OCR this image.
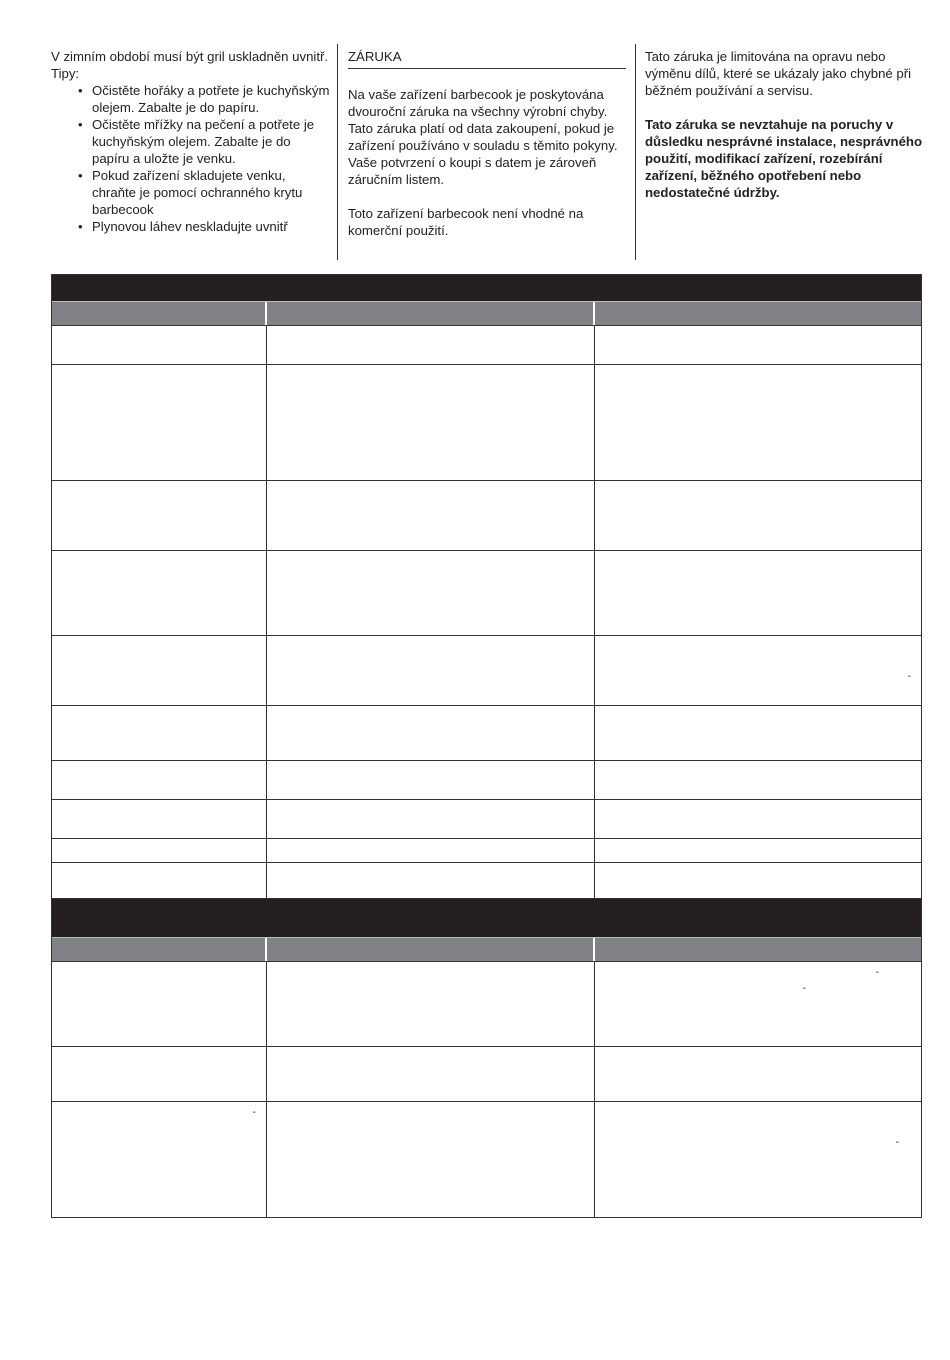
V zimním období musí být gril uskladněn uvnitř. Tipy:
• Očistěte hořáky a potřete je kuchyňským olejem. Zabalte je do papíru.
• Očistěte mřížky na pečení a potřete je kuchyňským olejem. Zabalte je do papíru a uložte je venku.
• Pokud zařízení skladujete venku, chraňte je pomocí ochranného krytu barbecook
• Plynovou láhev neskladujte uvnitř
ZÁRUKA
Na vaše zařízení barbecook je poskytována dvouroční záruka na všechny výrobní chyby. Tato záruka platí od data zakoupení, pokud je zařízení používáno v souladu s těmito pokyny. Vaše potvrzení o koupi s datem je zároveň záručním listem.
Toto zařízení barbecook není vhodné na komerční použití.
Tato záruka je limitována na opravu nebo výměnu dílů, které se ukázaly jako chybné při běžném používání a servisu.
Tato záruka se nevztahuje na poruchy v důsledku nesprávné instalace, nesprávného použití, modifikací zařízení, rozebírání zařízení, běžného opotřebení nebo nedostatečné údržby.
-
-
-
-
-
